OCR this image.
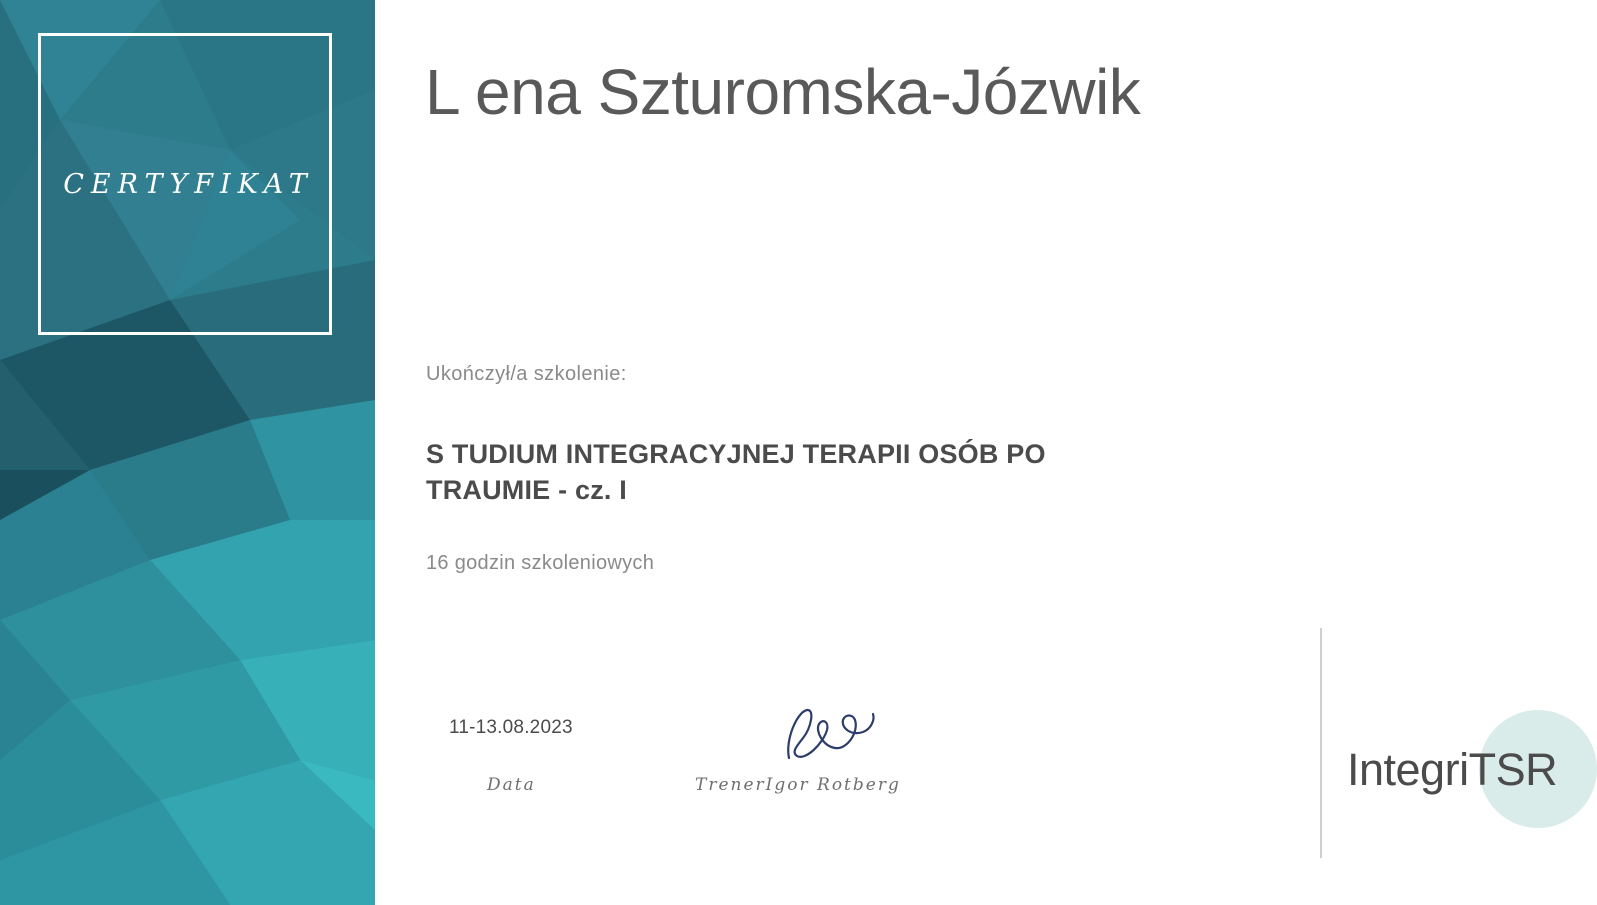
CERTYFIKAT
L ena Szturomska-Józwik
Ukończył/a szkolenie:
S TUDIUM INTEGRACYJNEJ TERAPII OSÓB PO TRAUMIE - cz. I
16 godzin szkoleniowych
11-13.08.2023
Data	TrenerIgor Rotberg	IntegriTSR
